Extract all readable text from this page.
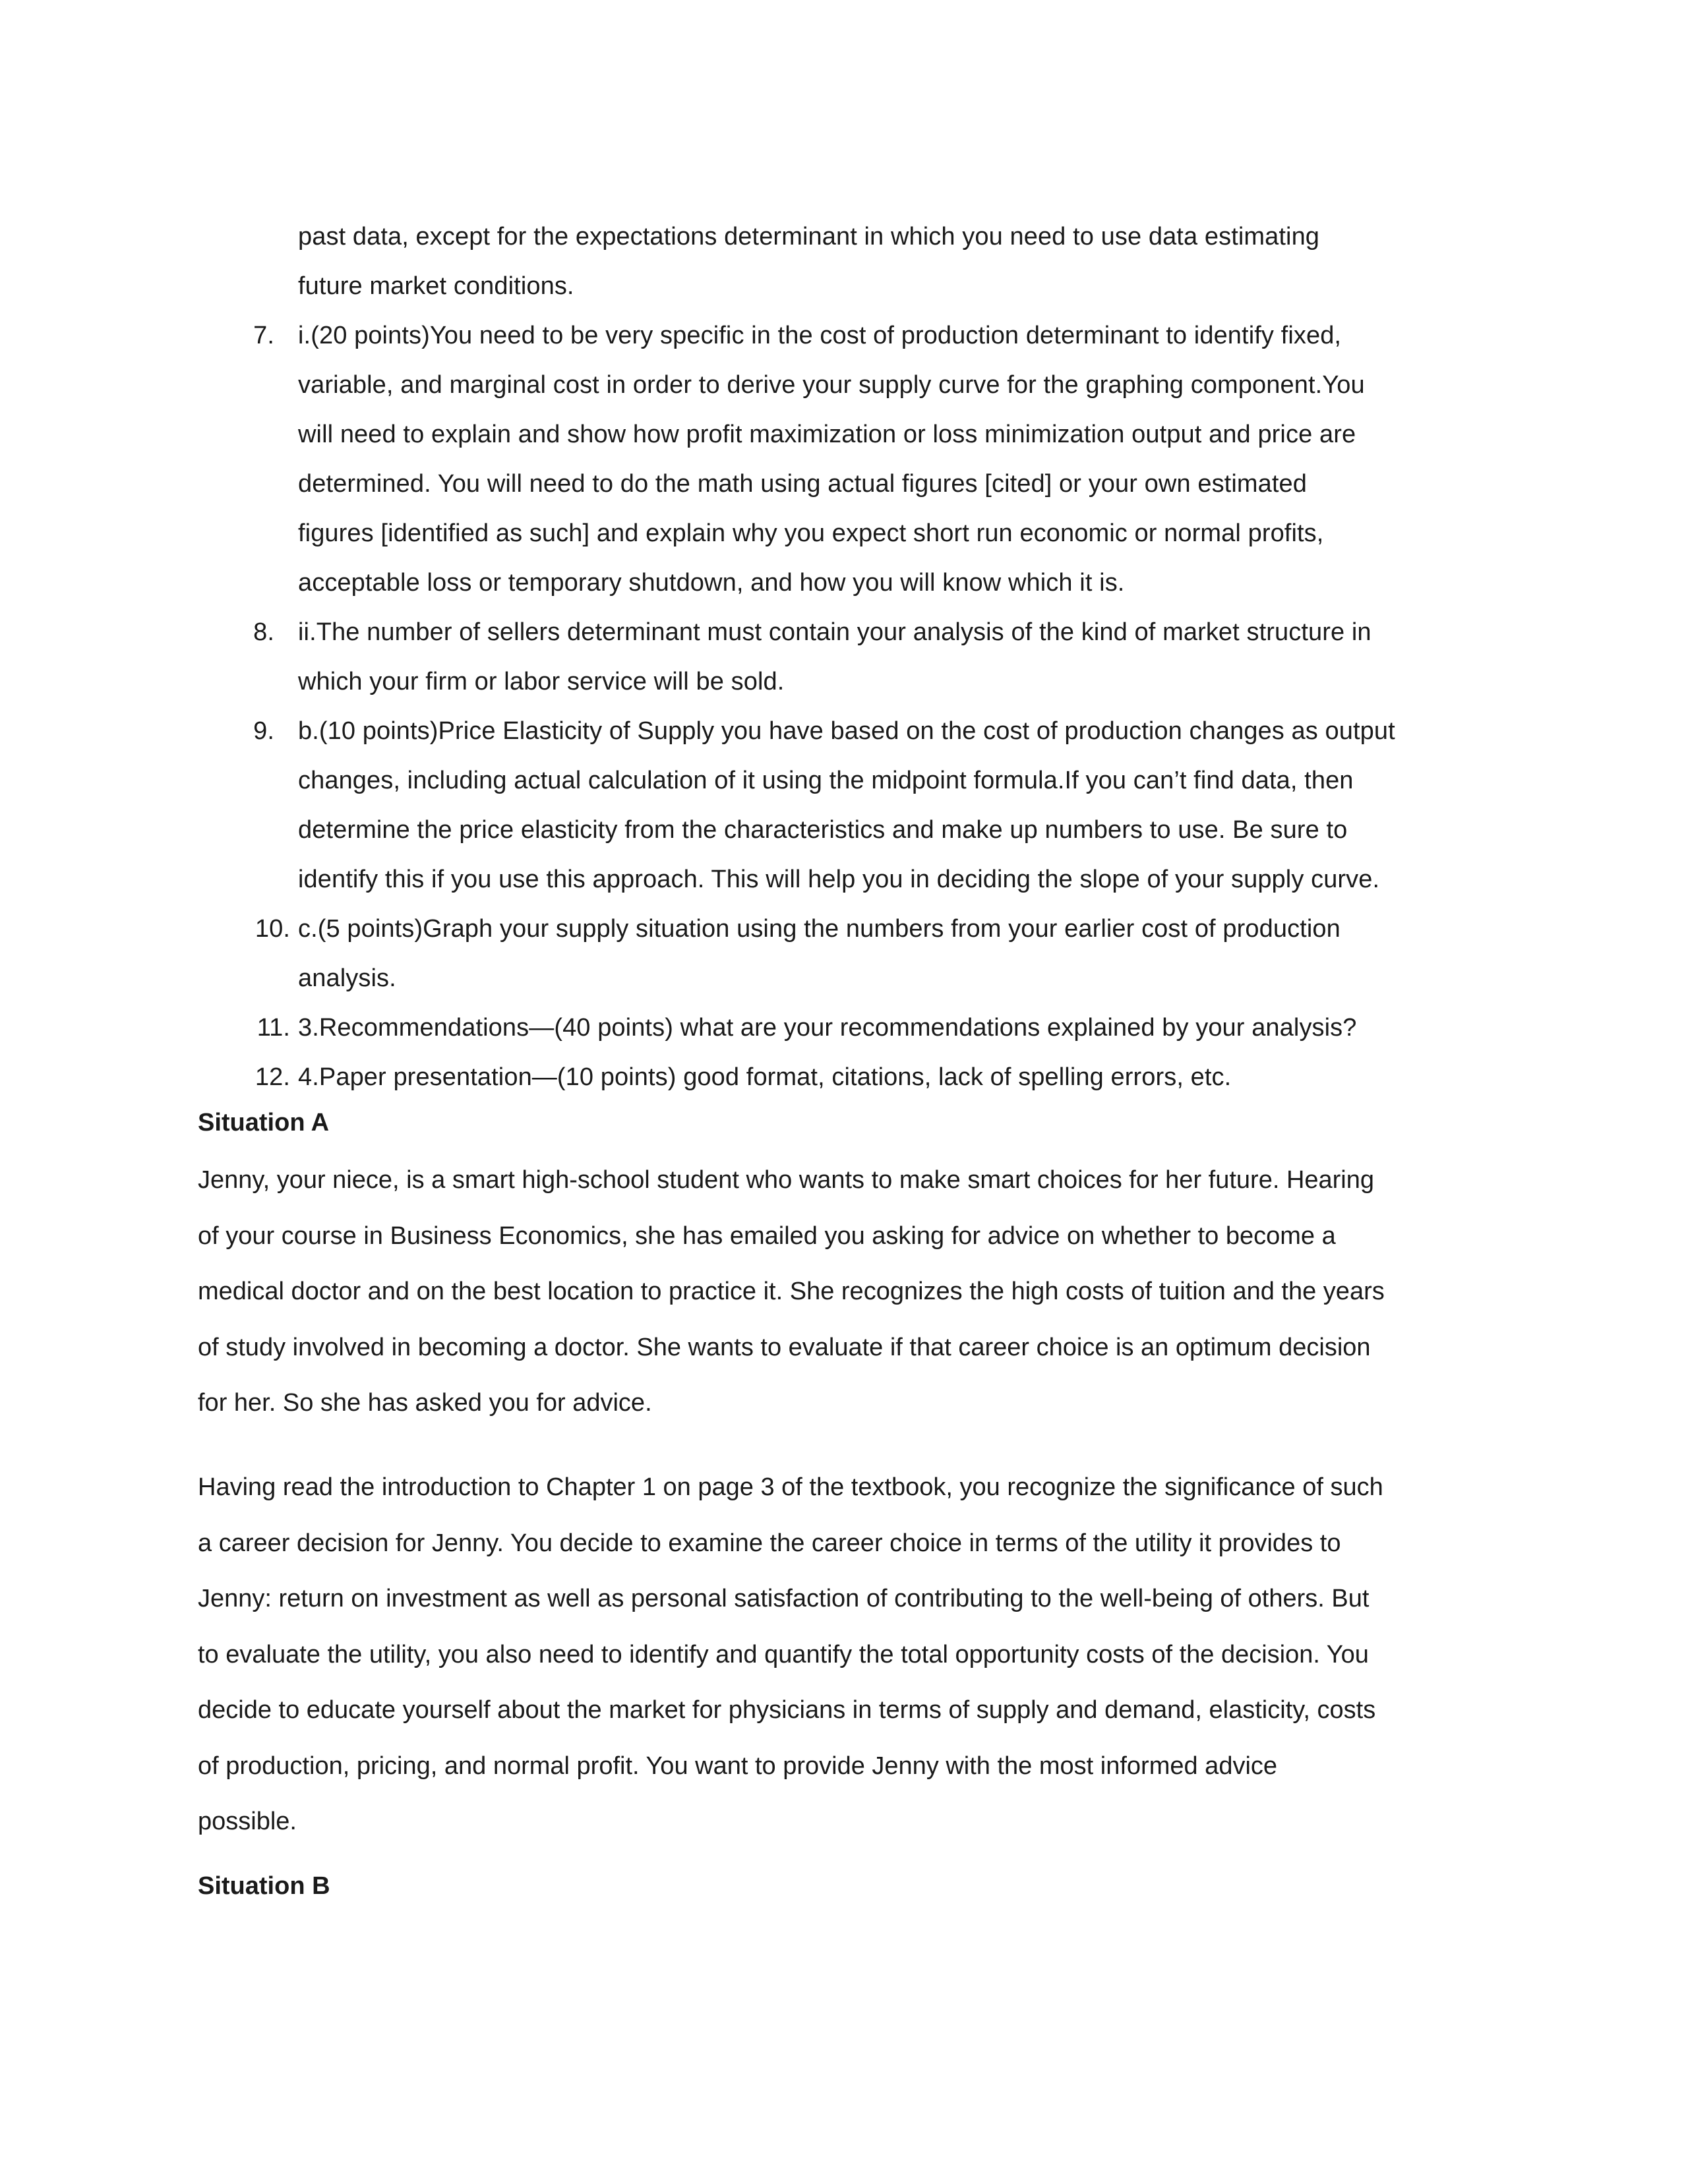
past data, except for the expectations determinant in which you need to use data estimating
future market conditions.
7. i.(20 points)You need to be very specific in the cost of production determinant to identify fixed,
variable, and marginal cost in order to derive your supply curve for the graphing component.You
will need to explain and show how profit maximization or loss minimization output and price are
determined. You will need to do the math using actual figures [cited] or your own estimated
figures [identified as such] and explain why you expect short run economic or normal profits,
acceptable loss or temporary shutdown, and how you will know which it is.
8. ii.The number of sellers determinant must contain your analysis of the kind of market structure in
which your firm or labor service will be sold.
9. b.(10 points)Price Elasticity of Supply you have based on the cost of production changes as output
changes, including actual calculation of it using the midpoint formula.If you can’t find data, then
determine the price elasticity from the characteristics and make up numbers to use. Be sure to
identify this if you use this approach. This will help you in deciding the slope of your supply curve.
10. c.(5 points)Graph your supply situation using the numbers from your earlier cost of production
analysis.
11. 3.Recommendations—(40 points) what are your recommendations explained by your analysis?
12. 4.Paper presentation—(10 points) good format, citations, lack of spelling errors, etc.
Situation A
Jenny, your niece, is a smart high-school student who wants to make smart choices for her future. Hearing
of your course in Business Economics, she has emailed you asking for advice on whether to become a
medical doctor and on the best location to practice it. She recognizes the high costs of tuition and the years
of study involved in becoming a doctor. She wants to evaluate if that career choice is an optimum decision
for her. So she has asked you for advice.
Having read the introduction to Chapter 1 on page 3 of the textbook, you recognize the significance of such
a career decision for Jenny. You decide to examine the career choice in terms of the utility it provides to
Jenny: return on investment as well as personal satisfaction of contributing to the well-being of others. But
to evaluate the utility, you also need to identify and quantify the total opportunity costs of the decision. You
decide to educate yourself about the market for physicians in terms of supply and demand, elasticity, costs
of production, pricing, and normal profit. You want to provide Jenny with the most informed advice
possible.
Situation B
